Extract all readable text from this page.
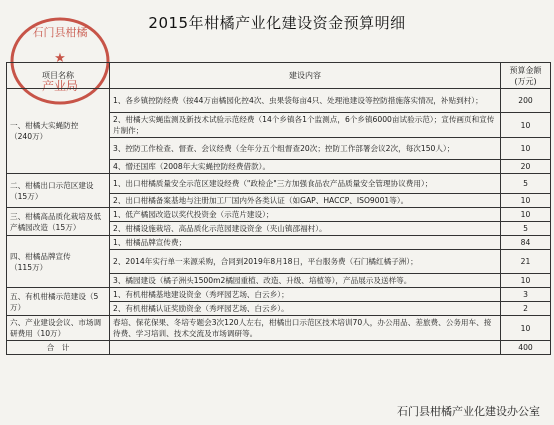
2015年柑橘产业化建设资金预算明细
石门县柑橘
★
产业局
项目名称	建设内容	预算金额(万元)
一、柑橘大实蝇防控
（240万）	1、各乡镇控防经费（按44万亩橘园化控4次、虫果袋每亩4只、处理池建设等控防措施落实情况，补贴到村）；	200
	2、柑橘大实蝇监测及新技术试验示范经费（14个乡镇各1个监测点，6个乡镇6000亩试验示范）；宣传画页和宣传片制作；	10
	3、控防工作检查、督查、会议经费（全年分五个组督查20次；控防工作部署会议2次，每次150人）；	10
	4、憎还国库（2008年大实蝇控防经费借款）。	20
二、柑橘出口示范区建设（15万）	1、出口柑橘质量安全示范区建设经费（"政检企"三方加强食品农产品质量安全管理协议费用）；	5
	2、出口柑橘备案基地与注册加工厂国内外各类认证（如GAP、HACCP、ISO9001等）。	10
三、柑橘高品质化栽培及低产橘园改造（15万）	1、低产橘园改造以奖代投资金（示范片建设）；	10
	2、柑橘设施栽培、高品质化示范园建设资金（夹山镇邵福村）。	5
四、柑橘品牌宣传
（115万）	1、柑橘品牌宣传费；	84
	2、2014年实行单一来源采购，合同到2019年8月18日，平台服务费（石门橘红橘子洲）；	21
	3、橘园建设（橘子洲头1500m2橘园重植、改造、升级、培植等），产品展示及送样等。	10
五、有机柑橘示范建设（5万）	1、有机柑橘基地建设资金（秀坪园艺场、白云乡）；	3
	2、有机柑橘认证奖励资金（秀坪园艺场、白云乡）。	2
六、产业建设会议、市场调研费用（10万）	春培、保花保果、冬培专题会3次120人左右，柑橘出口示范区技术培训70人，办公用品、差旅费、公务用车、接待费、学习培训、技术交流及市场调研等。	10
合　计		400
石门县柑橘产业化建设办公室
